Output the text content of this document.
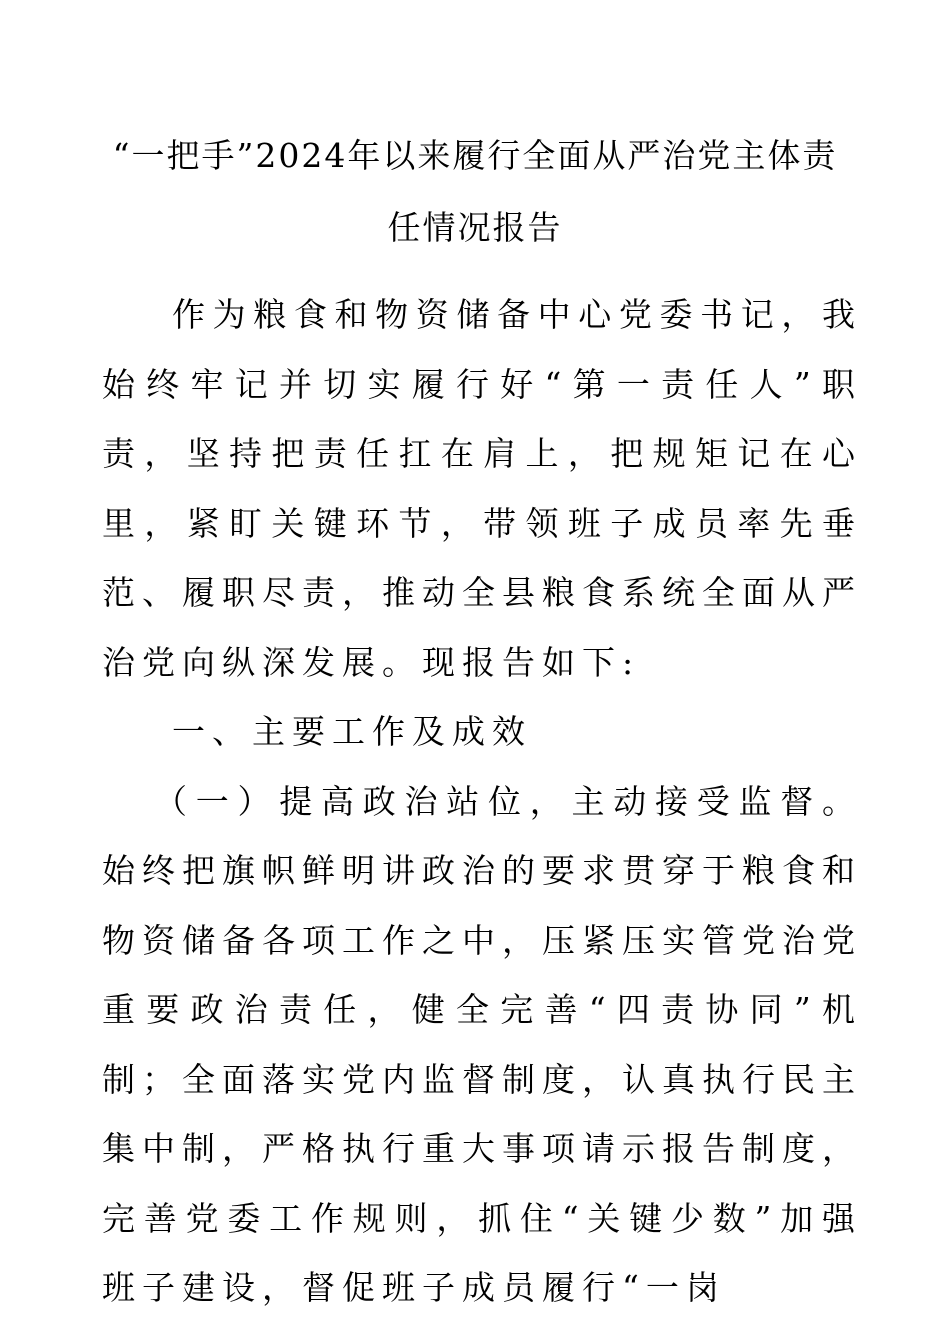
“一把手”2024年以来履行全面从严治党主体责
任情况报告

作为粮食和物资储备中心党委书记，我始终牢记并切实履行好“第一责任人”职责，坚持把责任扛在肩上，把规矩记在心里，紧盯关键环节，带领班子成员率先垂范、履职尽责，推动全县粮食系统全面从严治党向纵深发展。现报告如下:

一、主要工作及成效

（一）提高政治站位，主动接受监督。始终把旗帜鲜明讲政治的要求贯穿于粮食和物资储备各项工作之中，压紧压实管党治党重要政治责任，健全完善“四责协同”机制；全面落实党内监督制度，认真执行民主集中制，严格执行重大事项请示报告制度，完善党委工作规则，抓住“关键少数”加强班子建设，督促班子成员履行“一岗
